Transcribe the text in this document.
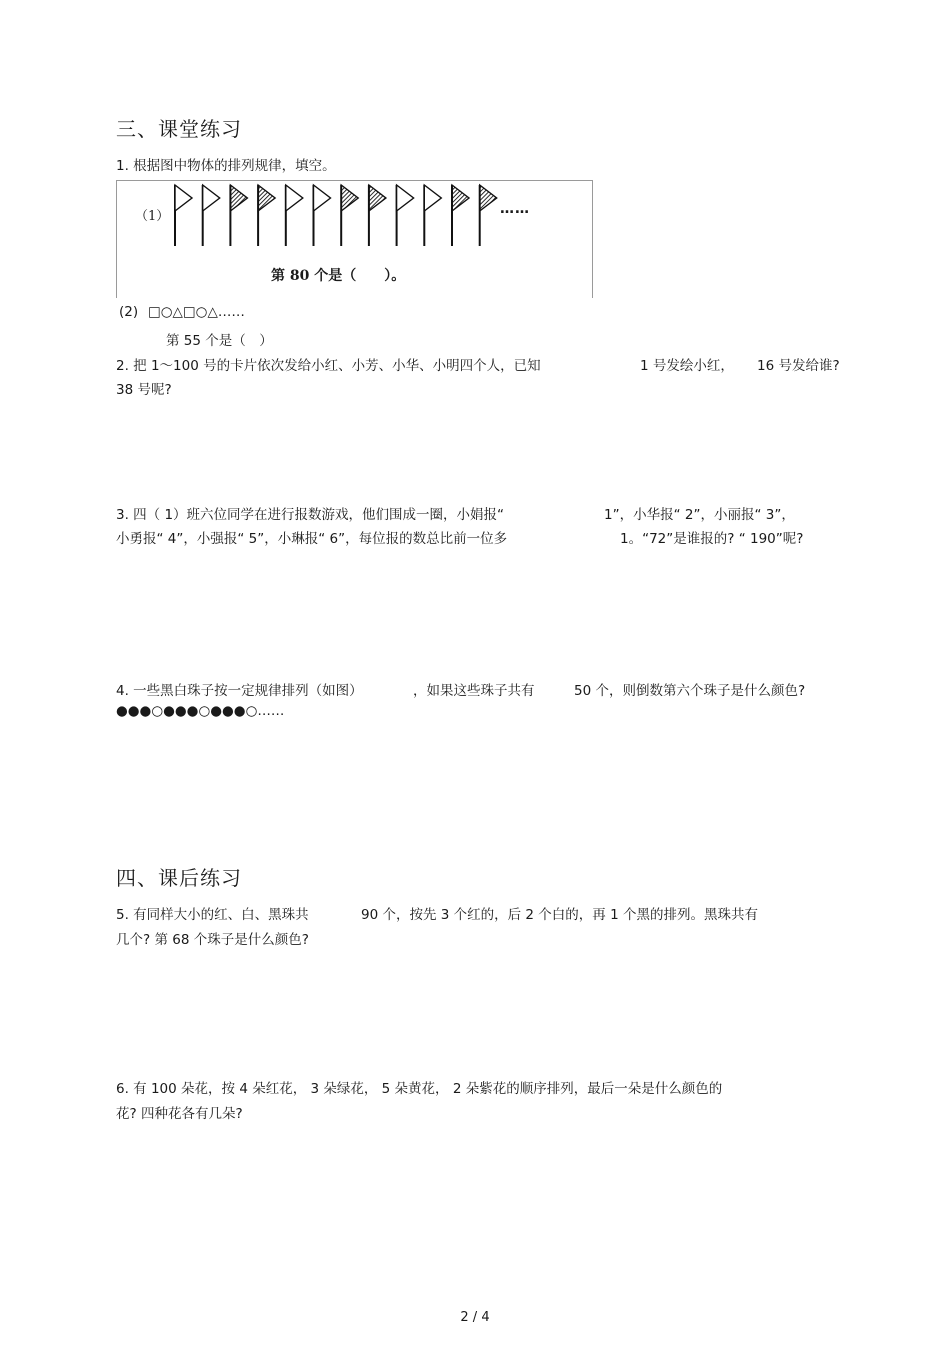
三、课堂练习
1. 根据图中物体的排列规律，填空。
（1）	……
第 80 个是（　　）。
(2) □○△□○△……
第 55 个是（　）
2. 把 1～100 号的卡片依次发给小红、小芳、小华、小明四个人，已知	1 号发绘小红， 16 号发给谁?
38 号呢?
3. 四（ 1）班六位同学在进行报数游戏，他们围成一圈，小娟报“	1”，小华报“ 2”，小丽报“ 3”，
小勇报“ 4”，小强报“ 5”，小琳报“ 6”，每位报的数总比前一位多	1。“72”是谁报的? “ 190”呢?
4. 一些黑白珠子按一定规律排列（如图）	，如果这些珠子共有	50 个，则倒数第六个珠子是什么颜色?
●●●○●●●○●●●○……
四、课后练习
5. 有同样大小的红、白、黑珠共	90 个，按先 3 个红的，后 2 个白的，再 1 个黑的排列。黑珠共有
几个? 第 68 个珠子是什么颜色?
6. 有 100 朵花，按 4 朵红花， 3 朵绿花， 5 朵黄花， 2 朵紫花的顺序排列，最后一朵是什么颜色的
花? 四种花各有几朵?
2 / 4
